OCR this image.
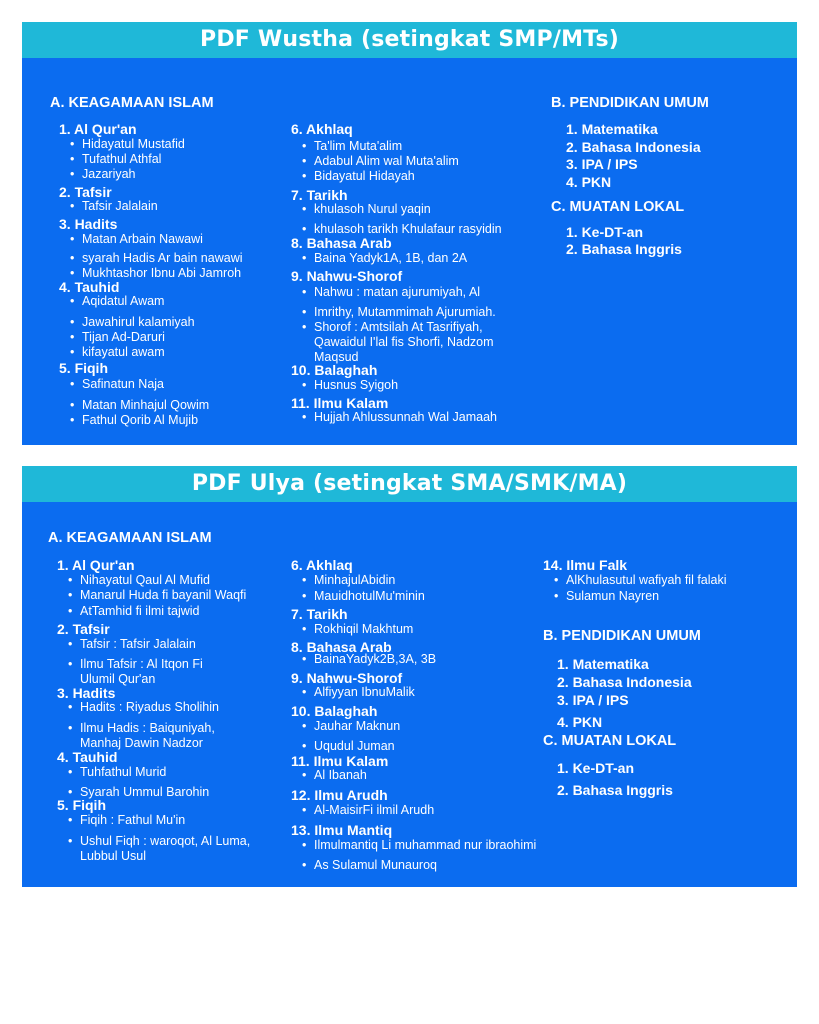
PDF Wustha (setingkat SMP/MTs)
A. KEAGAMAAN ISLAM
1. Al Qur'an
• Hidayatul Mustafid
• Tufathul Athfal
• Jazariyah
2. Tafsir
• Tafsir Jalalain
3. Hadits
• Matan Arbain Nawawi
• syarah Hadis Ar bain nawawi
• Mukhtashor Ibnu Abi Jamroh
4. Tauhid
• Aqidatul Awam
• Jawahirul kalamiyah
• Tijan Ad-Daruri
• kifayatul awam
5. Fiqih
• Safinatun Naja
• Matan Minhajul Qowim
• Fathul Qorib Al Mujib
6. Akhlaq
• Ta'lim Muta'alim
• Adabul Alim wal Muta'alim
• Bidayatul Hidayah
7. Tarikh
• khulasoh Nurul yaqin
• khulasoh tarikh Khulafaur rasyidin
8. Bahasa Arab
• Baina Yadyk1A, 1B, dan 2A
9. Nahwu-Shorof
• Nahwu : matan ajurumiyah, Al
• Imrithy, Mutammimah Ajurumiah.
• Shorof : Amtsilah At Tasrifiyah,
Qawaidul I'lal fis Shorfi, Nadzom
Maqsud
10. Balaghah
• Husnus Syigoh
11. Ilmu Kalam
• Hujjah Ahlussunnah Wal Jamaah
B. PENDIDIKAN UMUM
1. Matematika
2. Bahasa Indonesia
3. IPA / IPS
4. PKN
C. MUATAN LOKAL
1. Ke-DT-an
2. Bahasa Inggris
PDF Ulya (setingkat SMA/SMK/MA)
A. KEAGAMAAN ISLAM
1. Al Qur'an
• Nihayatul Qaul Al Mufid
• Manarul Huda fi bayanil Waqfi
• AtTamhid fi ilmi tajwid
2. Tafsir
• Tafsir : Tafsir Jalalain
• Ilmu Tafsir : Al Itqon Fi
Ulumil Qur'an
3. Hadits
• Hadits : Riyadus Sholihin
• Ilmu Hadis : Baiquniyah,
Manhaj Dawin Nadzor
4. Tauhid
• Tuhfathul Murid
• Syarah Ummul Barohin
5. Fiqih
• Fiqih : Fathul Mu'in
• Ushul Fiqh : waroqot, Al Luma,
Lubbul Usul
6. Akhlaq
• MinhajulAbidin
• MauidhotulMu'minin
7. Tarikh
• Rokhiqil Makhtum
8. Bahasa Arab
• BainaYadyk2B,3A, 3B
9. Nahwu-Shorof
• Alfiyyan IbnuMalik
10. Balaghah
• Jauhar Maknun
• Uqudul Juman
11. Ilmu Kalam
• Al Ibanah
12. Ilmu Arudh
• Al-MaisirFi ilmil Arudh
13. Ilmu Mantiq
• Ilmulmantiq Li muhammad nur ibraohimi
• As Sulamul Munauroq
14. Ilmu Falk
• AlKhulasutul wafiyah fil falaki
• Sulamun Nayren
B. PENDIDIKAN UMUM
1. Matematika
2. Bahasa Indonesia
3. IPA / IPS
4. PKN
C. MUATAN LOKAL
1. Ke-DT-an
2. Bahasa Inggris
